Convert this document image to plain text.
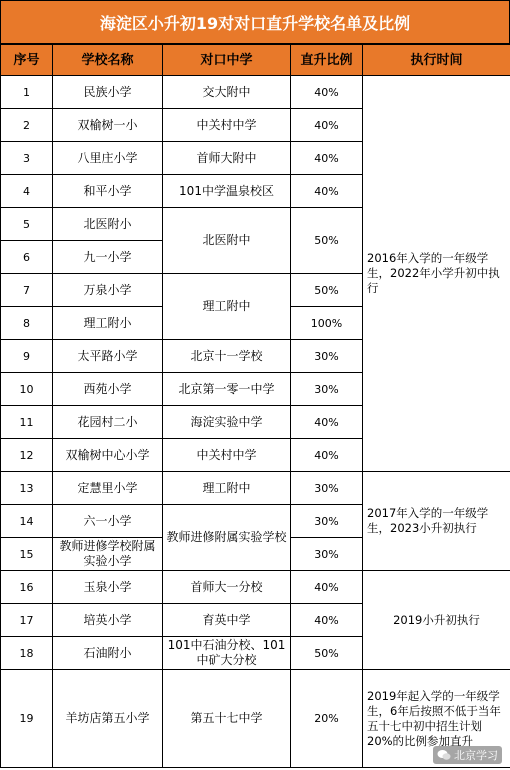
海淀区小升初19对对口直升学校名单及比例
序号	学校名称	对口中学	直升比例	执行时间
1	民族小学	交大附中	40%	2016年入学的一年级学生，2022年小学升初中执行
2	双榆树一小	中关村中学	40%	
3	八里庄小学	首师大附中	40%	
4	和平小学	101中学温泉校区	40%	
5	北医附小	北医附中	50%	
6	九一小学			
7	万泉小学	理工附中	50%	
8	理工附小		100%	
9	太平路小学	北京十一学校	30%	
10	西苑小学	北京第一零一中学	30%	
11	花园村二小	海淀实验中学	40%	
12	双榆树中心小学	中关村中学	40%	
13	定慧里小学	理工附中	30%	2017年入学的一年级学生，2023小升初执行
14	六一小学	教师进修附属实验学校	30%	
15	教师进修学校附属实验小学		30%	
16	玉泉小学	首师大一分校	40%	2019小升初执行
17	培英小学	育英中学	40%	
18	石油附小	101中石油分校、101中矿大分校	50%	
19	羊坊店第五小学	第五十七中学	20%	2019年起入学的一年级学生，6年后按照不低于当年五十七中初中招生计划20%的比例参加直升
北京学习
